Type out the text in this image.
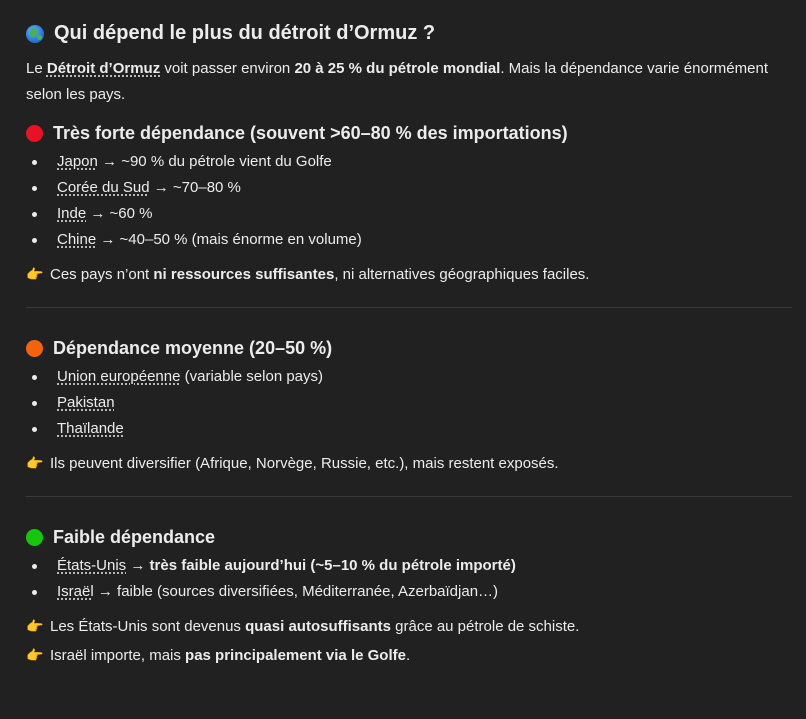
Qui dépend le plus du détroit d’Ormuz ?

Le Détroit d’Ormuz voit passer environ 20 à 25 % du pétrole mondial. Mais la dépendance varie énormément selon les pays.

Très forte dépendance (souvent >60–80 % des importations)
Japon → ~90 % du pétrole vient du Golfe
Corée du Sud → ~70–80 %
Inde → ~60 %
Chine → ~40–50 % (mais énorme en volume)

👉 Ces pays n’ont ni ressources suffisantes, ni alternatives géographiques faciles.

Dépendance moyenne (20–50 %)
Union européenne (variable selon pays)
Pakistan
Thaïlande

👉 Ils peuvent diversifier (Afrique, Norvège, Russie, etc.), mais restent exposés.

Faible dépendance
États-Unis → très faible aujourd’hui (~5–10 % du pétrole importé)
Israël → faible (sources diversifiées, Méditerranée, Azerbaïdjan…)

👉 Les États-Unis sont devenus quasi autosuffisants grâce au pétrole de schiste.

👉 Israël importe, mais pas principalement via le Golfe.
